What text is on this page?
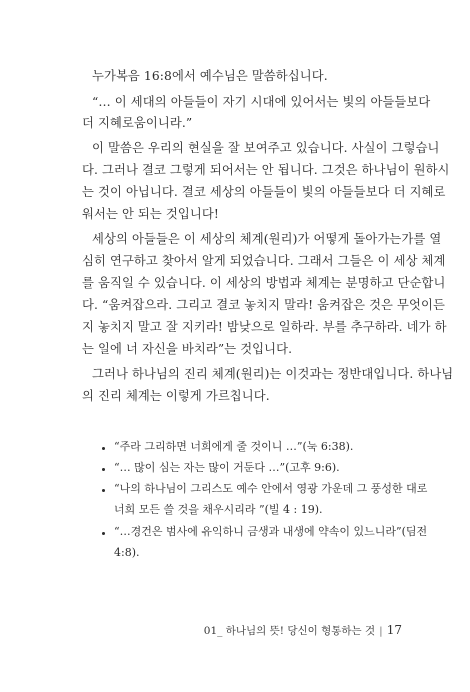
누가복음 16:8에서 예수님은 말씀하십니다.
“… 이 세대의 아들들이 자기 시대에 있어서는 빛의 아들들보다
더 지혜로움이니라.”
이 말씀은 우리의 현실을 잘 보여주고 있습니다. 사실이 그렇습니
다. 그러나 결코 그렇게 되어서는 안 됩니다. 그것은 하나님이 원하시
는 것이 아닙니다. 결코 세상의 아들들이 빛의 아들들보다 더 지혜로
워서는 안 되는 것입니다!
세상의 아들들은 이 세상의 체계(원리)가 어떻게 돌아가는가를 열
심히 연구하고 찾아서 알게 되었습니다. 그래서 그들은 이 세상 체계
를 움직일 수 있습니다. 이 세상의 방법과 체계는 분명하고 단순합니
다. “움켜잡으라. 그리고 결코 놓치지 말라! 움켜잡은 것은 무엇이든
지 놓치지 말고 잘 지키라! 밤낮으로 일하라. 부를 추구하라. 네가 하
는 일에 너 자신을 바치라”는 것입니다.
그러나 하나님의 진리 체계(원리)는 이것과는 정반대입니다. 하나님
의 진리 체계는 이렇게 가르칩니다.
“주라 그리하면 너희에게 줄 것이니 …”(눅 6:38).
“… 많이 심는 자는 많이 거둔다 …”(고후 9:6).
“나의 하나님이 그리스도 예수 안에서 영광 가운데 그 풍성한 대로
너희 모든 쓸 것을 채우시리라 ”(빌 4 : 19).
“…경건은 범사에 유익하니 금생과 내생에 약속이 있느니라”(딤전
4:8).
01_ 하나님의 뜻! 당신이 형통하는 것 | 17
